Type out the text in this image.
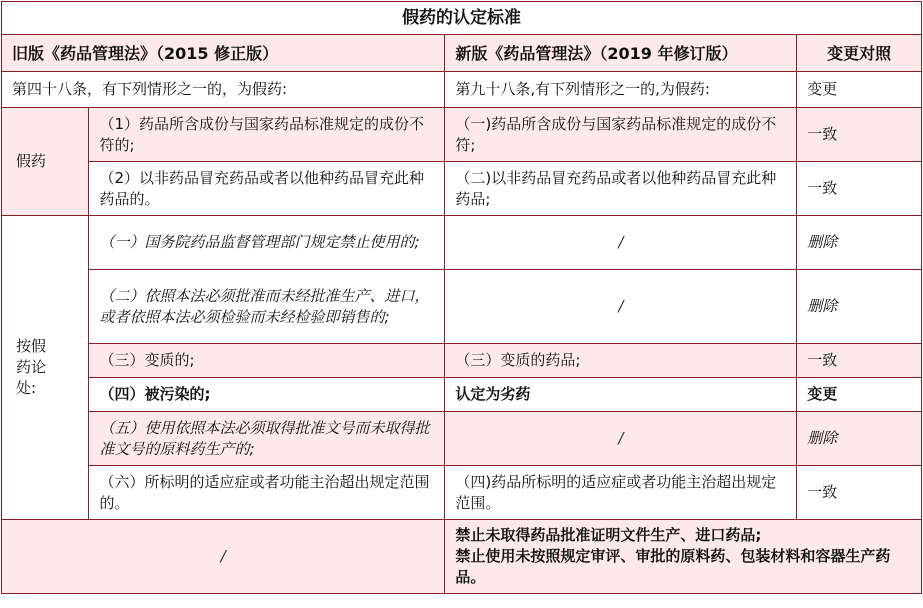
假药的认定标准			
旧版《药品管理法》（2015 修正版）		新版《药品管理法》（2019 年修订版）	变更对照
第四十八条，有下列情形之一的，为假药:		第九十八条,有下列情形之一的,为假药:	变更
假药	（1）药品所含成份与国家药品标准规定的成份不符的;	（一)药品所含成份与国家药品标准规定的成份不符;	一致
	（2）以非药品冒充药品或者以他种药品冒充此种药品的。	（二)以非药品冒充药品或者以他种药品冒充此种药品;	一致
按假药论处:	（一）国务院药品监督管理部门规定禁止使用的;	/	删除
	（二）依照本法必须批准而未经批准生产、进口，或者依照本法必须检验而未经检验即销售的;	/	删除
	（三）变质的;	（三）变质的药品;	一致
	（四）被污染的;	认定为劣药	变更
	（五）使用依照本法必须取得批准文号而未取得批准文号的原料药生产的;	/	删除
	（六）所标明的适应症或者功能主治超出规定范围的。	（四)药品所标明的适应症或者功能主治超出规定范围。	一致
/		禁止未取得药品批准证明文件生产、进口药品;
禁止使用未按照规定审评、审批的原料药、包装材料和容器生产药品。	
